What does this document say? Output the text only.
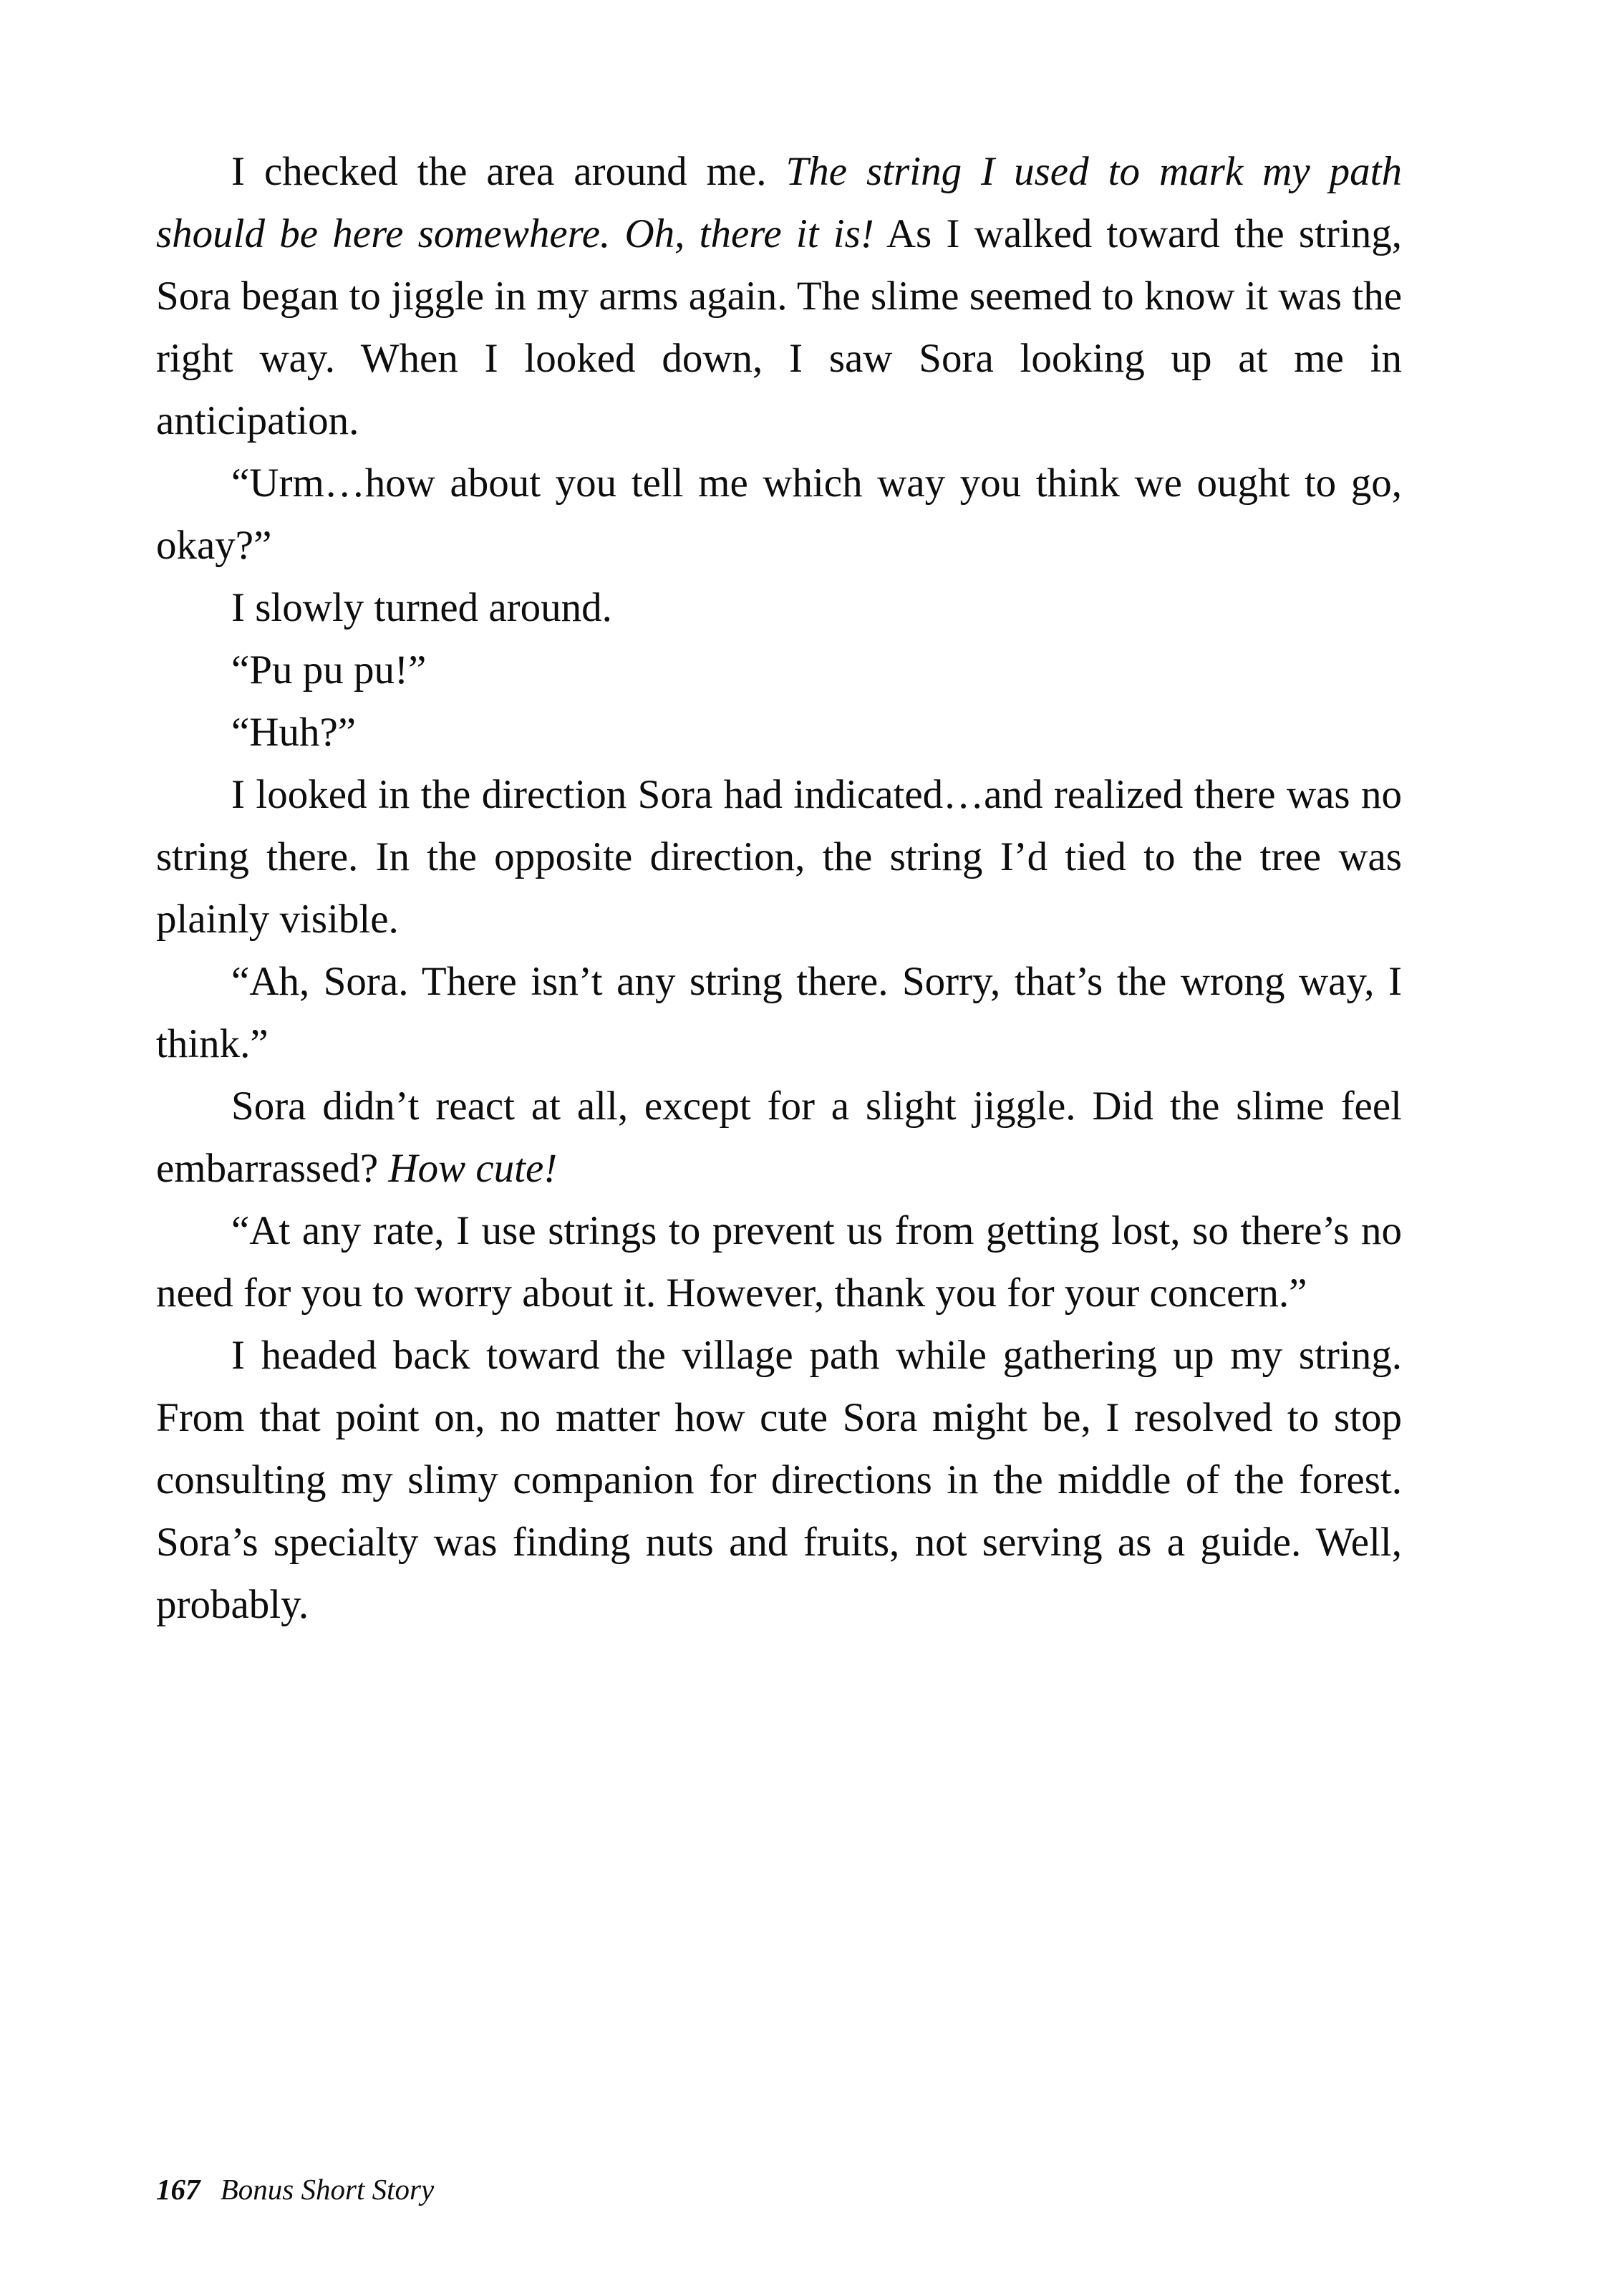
I checked the area around me. The string I used to mark my path should be here somewhere. Oh, there it is! As I walked toward the string, Sora began to jiggle in my arms again. The slime seemed to know it was the right way. When I looked down, I saw Sora looking up at me in anticipation.

“Urm…how about you tell me which way you think we ought to go, okay?”

I slowly turned around.

“Pu pu pu!”

“Huh?”

I looked in the direction Sora had indicated…and realized there was no string there. In the opposite direction, the string I’d tied to the tree was plainly visible.

“Ah, Sora. There isn’t any string there. Sorry, that’s the wrong way, I think.”

Sora didn’t react at all, except for a slight jiggle. Did the slime feel embarrassed? How cute!

“At any rate, I use strings to prevent us from getting lost, so there’s no need for you to worry about it. However, thank you for your concern.”

I headed back toward the village path while gathering up my string. From that point on, no matter how cute Sora might be, I resolved to stop consulting my slimy companion for directions in the middle of the forest. Sora’s specialty was finding nuts and fruits, not serving as a guide. Well, probably.

167 Bonus Short Story
